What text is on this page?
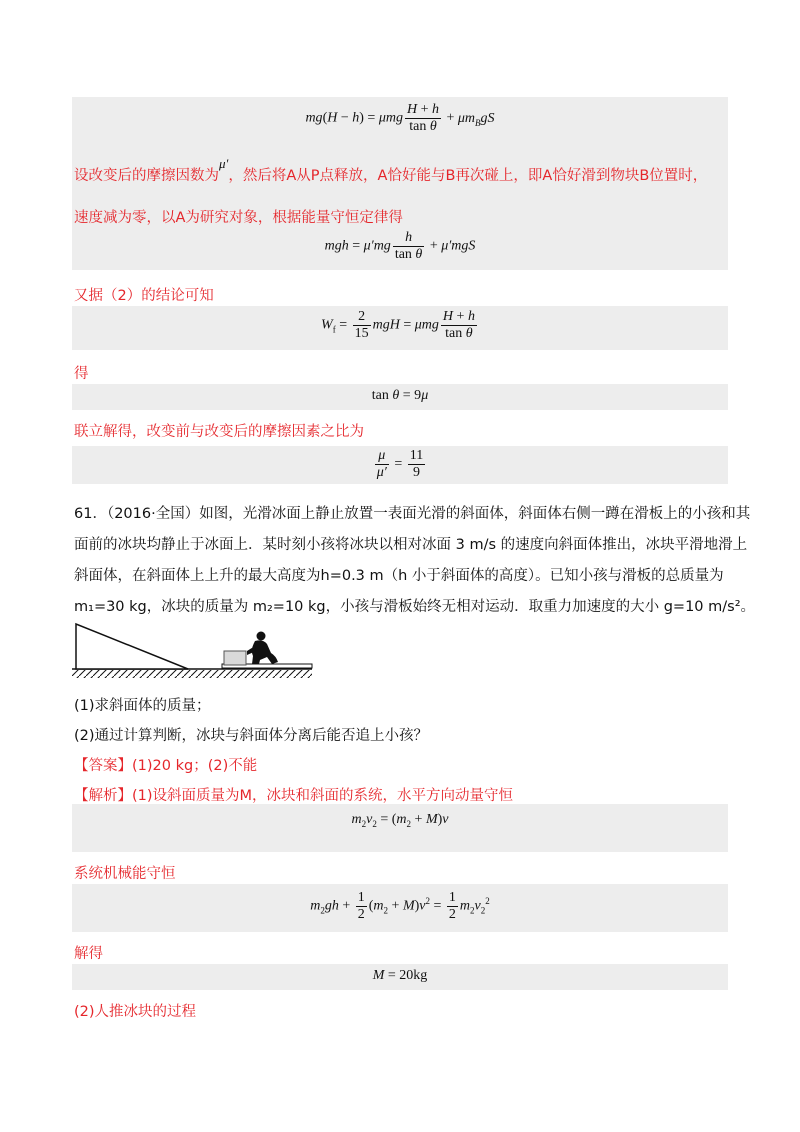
mg(H − h) = μmg $\frac{H + h}{\text{tan θ}} + \mu m_BgS$
设改变后的摩擦因数为μ′，然后将A从P点释放，A恰好能与B再次碰上，即A恰好滑到物块B位置时，
速度减为零，以A为研究对象，根据能量守恒定律得
mgh = $\mu'mg \frac{h}{\text{tan θ}} + \mu'mgS$
又据（2）的结论可知
$W_f = \frac{2}{15}$ mgH = μmg $\frac{H + h}{\text{tan θ}}$
得
tan θ = 9μ
联立解得，改变前与改变后的摩擦因素之比为
$\frac{\mu}{\mu'} = \frac{11}{9}$
61．（2016·全国）如图，光滑冰面上静止放置一表面光滑的斜面体，斜面体右侧一蹲在滑板上的小孩和其
面前的冰块均静止于冰面上．某时刻小孩将冰块以相对冰面 3 m/s 的速度向斜面体推出，冰块平滑地滑上
斜面体，在斜面体上上升的最大高度为h=0.3 m（h 小于斜面体的高度）。已知小孩与滑板的总质量为
m₁=30 kg，冰块的质量为 m₂=10 kg，小孩与滑板始终无相对运动．取重力加速度的大小 g=10 m/s²。
(1)求斜面体的质量；
(2)通过计算判断，冰块与斜面体分离后能否追上小孩？
【答案】(1)20 kg；(2)不能
【解析】(1)设斜面质量为M，冰块和斜面的系统，水平方向动量守恒
$m_2v_2 = (m_2 + M)v$
系统机械能守恒
$m_2gh + \frac{1}{2} (m_2 + M)v^2 = \frac{1}{2} m_2v_2^2$
解得
M = 20kg
(2)人推冰块的过程
